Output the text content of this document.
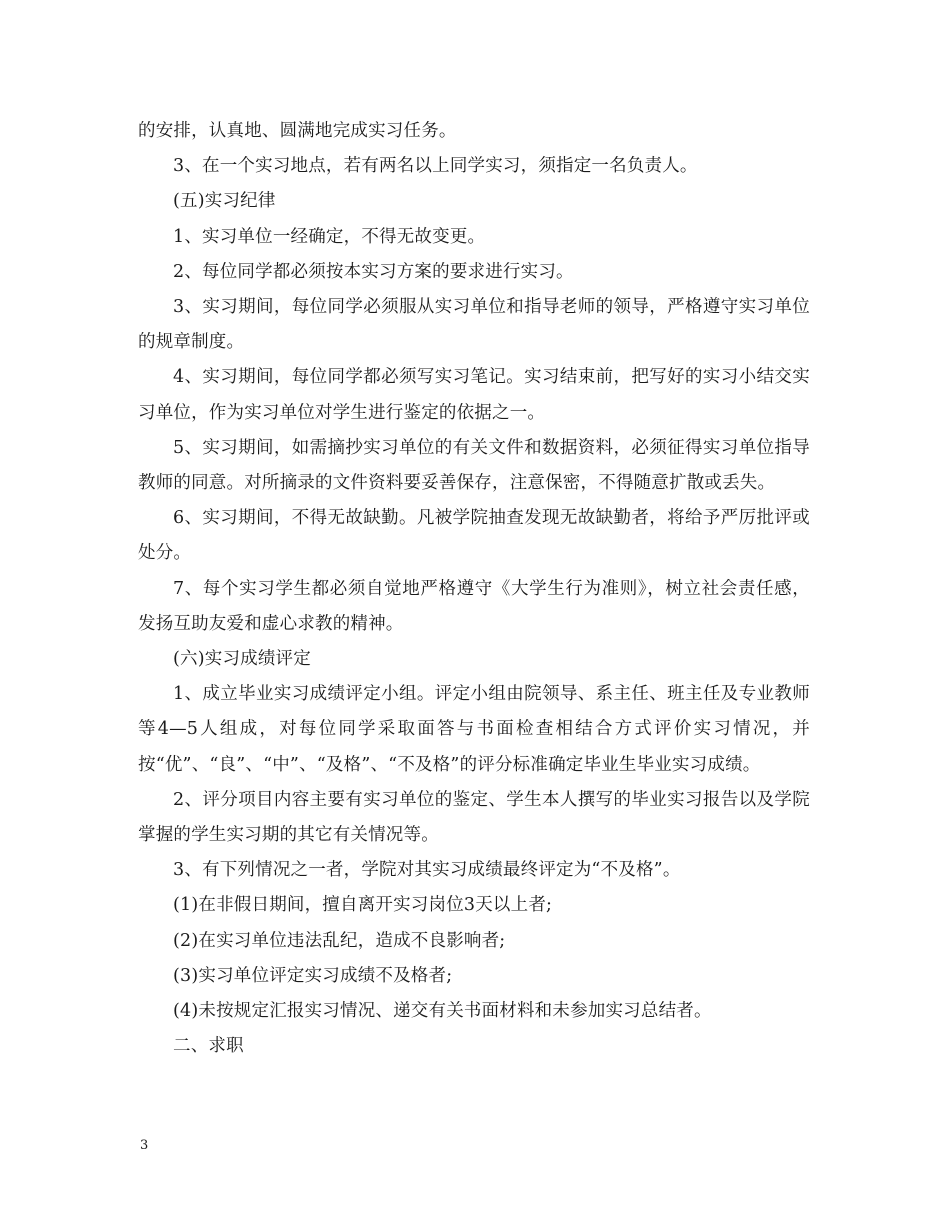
的安排，认真地、圆满地完成实习任务。

3、在一个实习地点，若有两名以上同学实习，须指定一名负责人。

(五)实习纪律

1、实习单位一经确定，不得无故变更。

2、每位同学都必须按本实习方案的要求进行实习。

3、实习期间，每位同学必须服从实习单位和指导老师的领导，严格遵守实习单位的规章制度。

4、实习期间，每位同学都必须写实习笔记。实习结束前，把写好的实习小结交实习单位，作为实习单位对学生进行鉴定的依据之一。

5、实习期间，如需摘抄实习单位的有关文件和数据资料，必须征得实习单位指导教师的同意。对所摘录的文件资料要妥善保存，注意保密，不得随意扩散或丢失。

6、实习期间，不得无故缺勤。凡被学院抽查发现无故缺勤者，将给予严厉批评或处分。

7、每个实习学生都必须自觉地严格遵守《大学生行为准则》，树立社会责任感，发扬互助友爱和虚心求教的精神。

(六)实习成绩评定

1、成立毕业实习成绩评定小组。评定小组由院领导、系主任、班主任及专业教师等4—5人组成，对每位同学采取面答与书面检查相结合方式评价实习情况，并按“优”、“良”、“中”、“及格”、“不及格”的评分标准确定毕业生毕业实习成绩。

2、评分项目内容主要有实习单位的鉴定、学生本人撰写的毕业实习报告以及学院掌握的学生实习期的其它有关情况等。

3、有下列情况之一者，学院对其实习成绩最终评定为“不及格”。

(1)在非假日期间，擅自离开实习岗位3天以上者;

(2)在实习单位违法乱纪，造成不良影响者;

(3)实习单位评定实习成绩不及格者;

(4)未按规定汇报实习情况、递交有关书面材料和未参加实习总结者。

二、求职

3
